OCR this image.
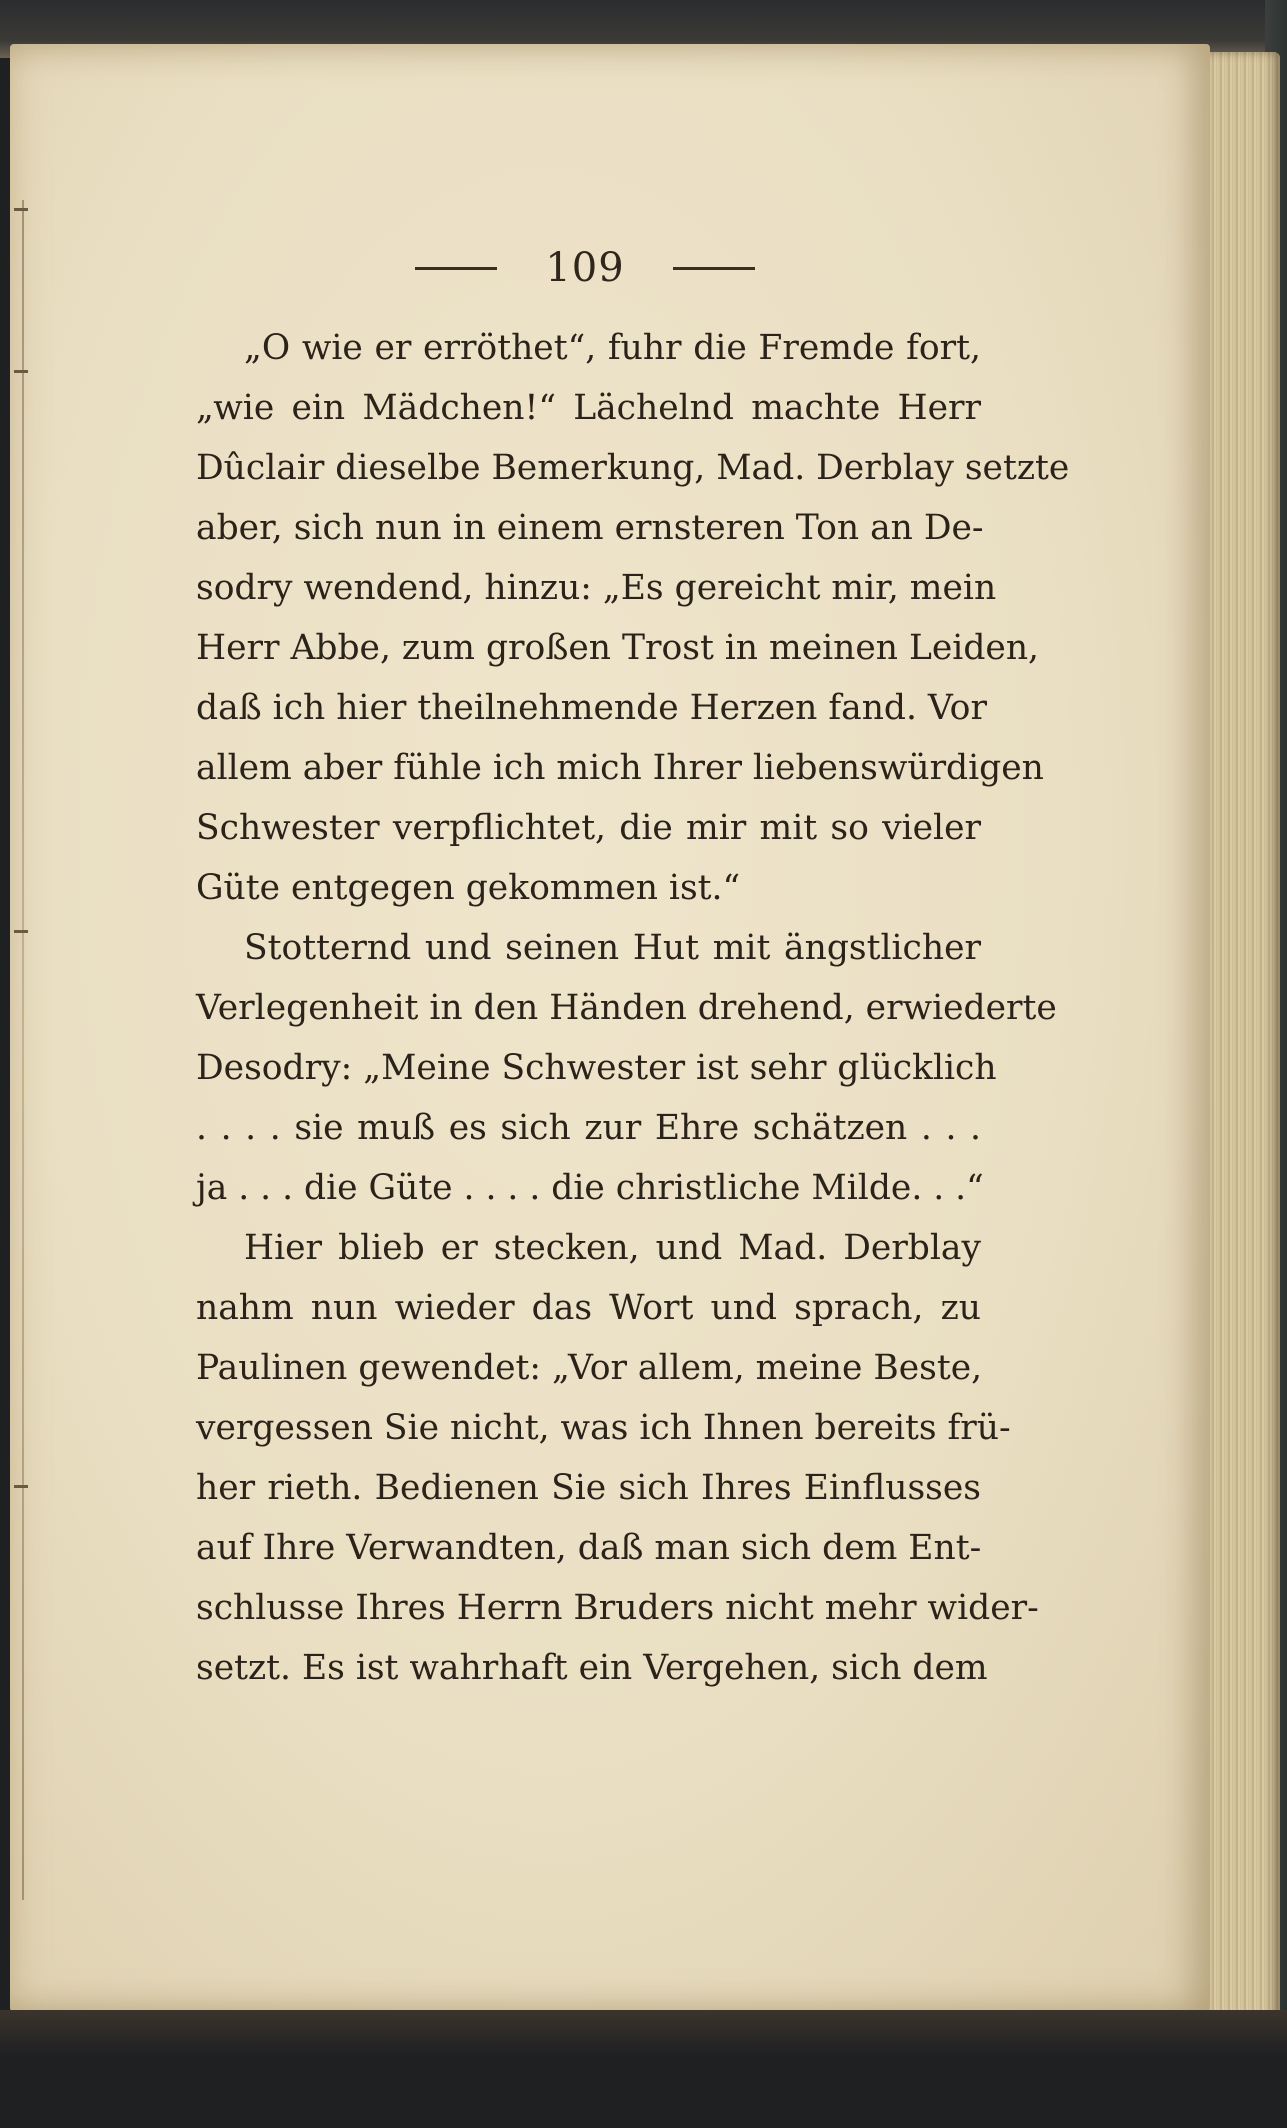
109
„O wie er erröthet“, fuhr die Fremde fort,
„wie ein Mädchen!“ Lächelnd machte Herr
Dûclair dieselbe Bemerkung, Mad. Derblay setzte
aber, sich nun in einem ernsteren Ton an De-
sodry wendend, hinzu: „Es gereicht mir, mein
Herr Abbe, zum großen Trost in meinen Leiden,
daß ich hier theilnehmende Herzen fand. Vor
allem aber fühle ich mich Ihrer liebenswürdigen
Schwester verpflichtet, die mir mit so vieler
Güte entgegen gekommen ist.“
Stotternd und seinen Hut mit ängstlicher
Verlegenheit in den Händen drehend, erwiederte
Desodry: „Meine Schwester ist sehr glücklich
. . . . sie muß es sich zur Ehre schätzen . . .
ja . . . die Güte . . . . die christliche Milde. . .“
Hier blieb er stecken, und Mad. Derblay
nahm nun wieder das Wort und sprach, zu
Paulinen gewendet: „Vor allem, meine Beste,
vergessen Sie nicht, was ich Ihnen bereits frü-
her rieth. Bedienen Sie sich Ihres Einflusses
auf Ihre Verwandten, daß man sich dem Ent-
schlusse Ihres Herrn Bruders nicht mehr wider-
setzt. Es ist wahrhaft ein Vergehen, sich dem
